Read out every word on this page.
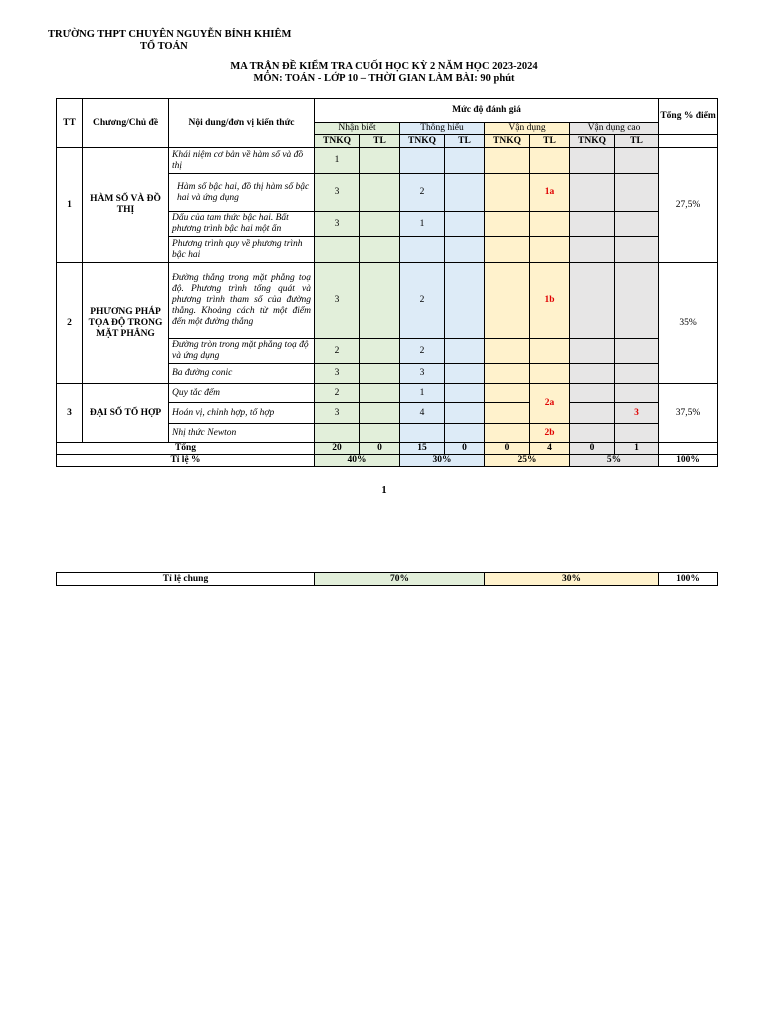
TRƯỜNG THPT CHUYÊN NGUYỄN BỈNH KHIÊM
TỔ TOÁN
MA TRẬN ĐỀ KIỂM TRA CUỐI HỌC KỲ 2 NĂM HỌC 2023-2024
MÔN: TOÁN - LỚP 10 – THỜI GIAN LÀM BÀI: 90 phút
TT	Chương/Chủ đề	Nội dung/đơn vị kiến thức	Mức độ đánh giá								Tổng % điểm
			Nhận biết		Thông hiểu		Vận dụng		Vận dụng cao		
			TNKQ	TL	TNKQ	TL	TNKQ	TL	TNKQ	TL	
1	HÀM SỐ VÀ ĐỒ THỊ	Khái niệm cơ bản về hàm số và đồ thị	1								27,5%
		Hàm số bậc hai, đồ thị hàm số bậc hai và ứng dụng	3		2			1a			
		Dấu của tam thức bậc hai. Bất phương trình bậc hai một ẩn	3		1						
		Phương trình quy về phương trình bậc hai									
2	PHƯƠNG PHÁP TỌA ĐỘ TRONG MẶT PHẲNG	Đường thẳng trong mặt phẳng toạ độ. Phương trình tổng quát và phương trình tham số của đường thẳng. Khoảng cách từ một điểm đến một đường thẳng	3		2			1b			35%
		Đường tròn trong mặt phẳng toạ độ và ứng dụng	2		2						
		Ba đường conic	3		3						
3	ĐẠI SỐ TỔ HỢP	Quy tắc đếm	2		1			2a			37,5%
		Hoán vị, chỉnh hợp, tổ hợp	3		4					3	
		Nhị thức Newton						2b			
Tổng			20	0	15	0	0	4	0	1	
Tỉ lệ %			40%		30%		25%		5%		100%
1
Tỉ lệ chung	70%	30%	100%
